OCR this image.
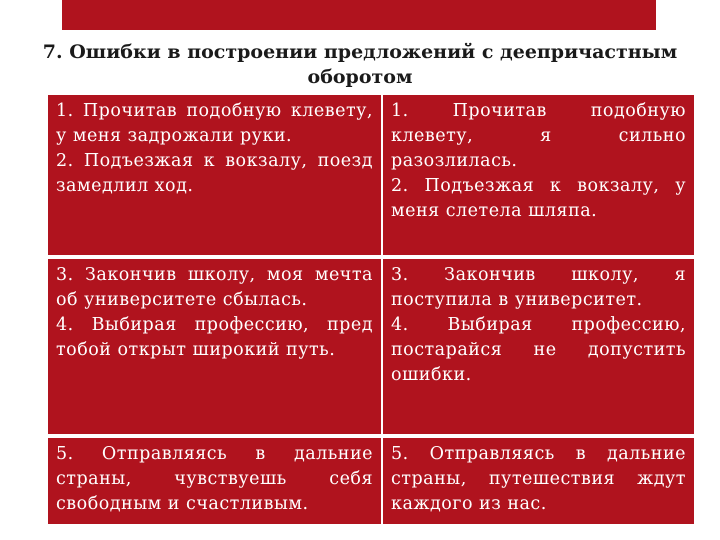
7. Ошибки в построении предложений с деепричастным
оборотом
1. Прочитав подобную клевету, у меня задрожали руки.
2. Подъезжая к вокзалу, поезд замедлил ход.
1. Прочитав подобную клевету, я сильно разозлилась.
2. Подъезжая к вокзалу, у меня слетела шляпа.
3. Закончив школу, моя мечта об университете сбылась.
4. Выбирая профессию, пред тобой открыт широкий путь.
3. Закончив школу, я поступила в университет.
4. Выбирая профессию, постарайся не допустить ошибки.
5. Отправляясь в дальние страны, чувствуешь себя свободным и счастливым.
5. Отправляясь в дальние страны, путешествия ждут каждого из нас.
